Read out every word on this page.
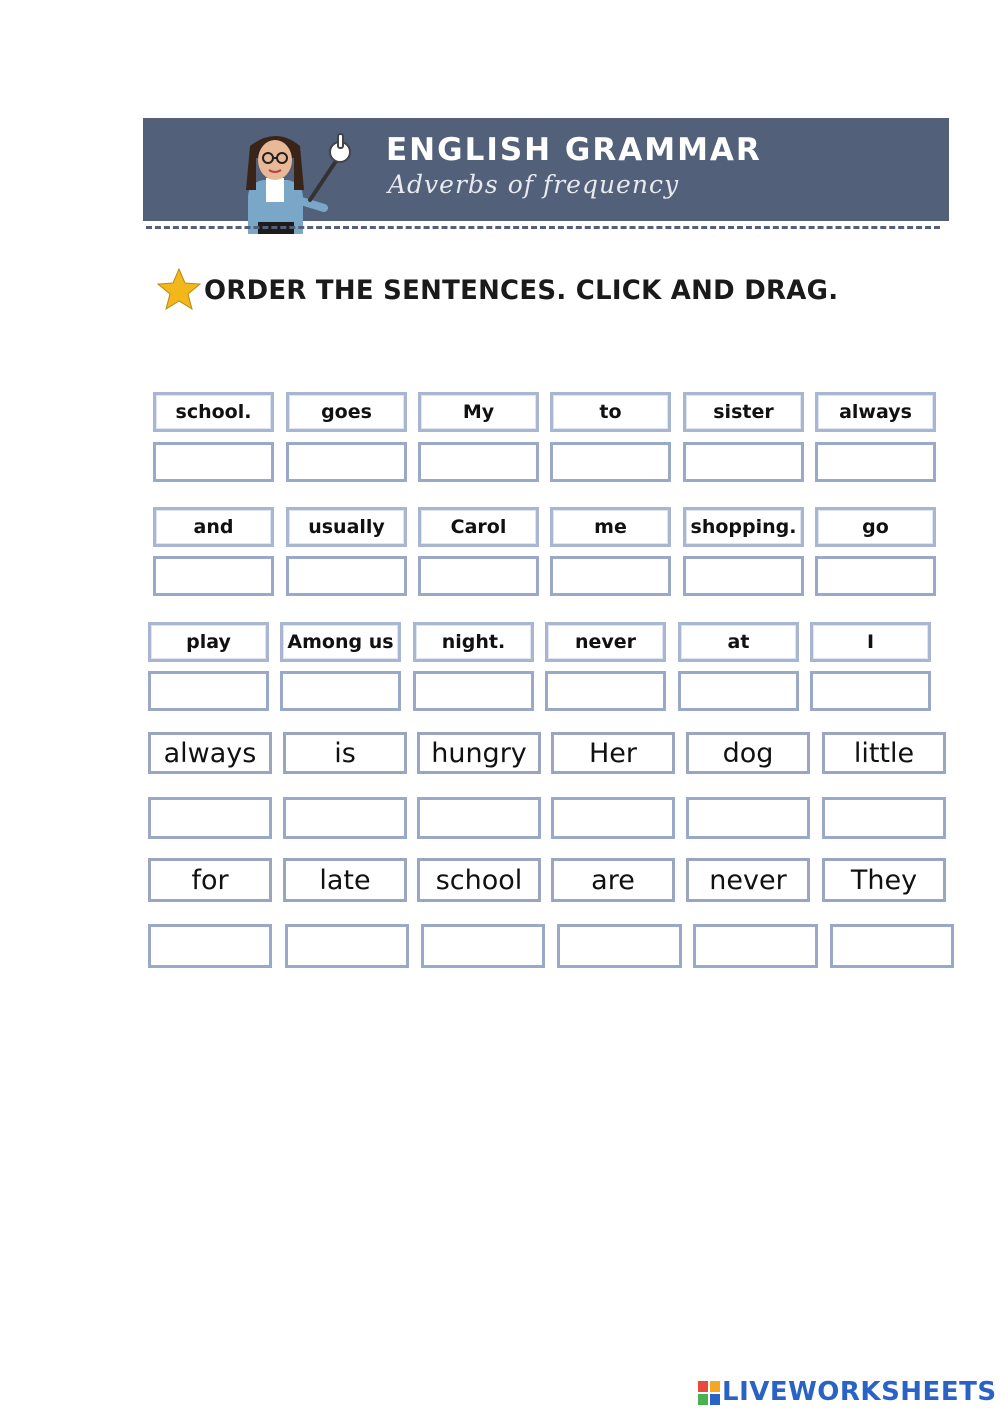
ENGLISH GRAMMAR
Adverbs of frequency
ORDER THE SENTENCES. CLICK AND DRAG.
school.	goes	My	to	sister	always
and	usually	Carol	me	shopping.	go
play	Among us	night.	never	at	I
always	is	hungry	Her	dog	little
for	late	school	are	never	They
LIVEWORKSHEETS
